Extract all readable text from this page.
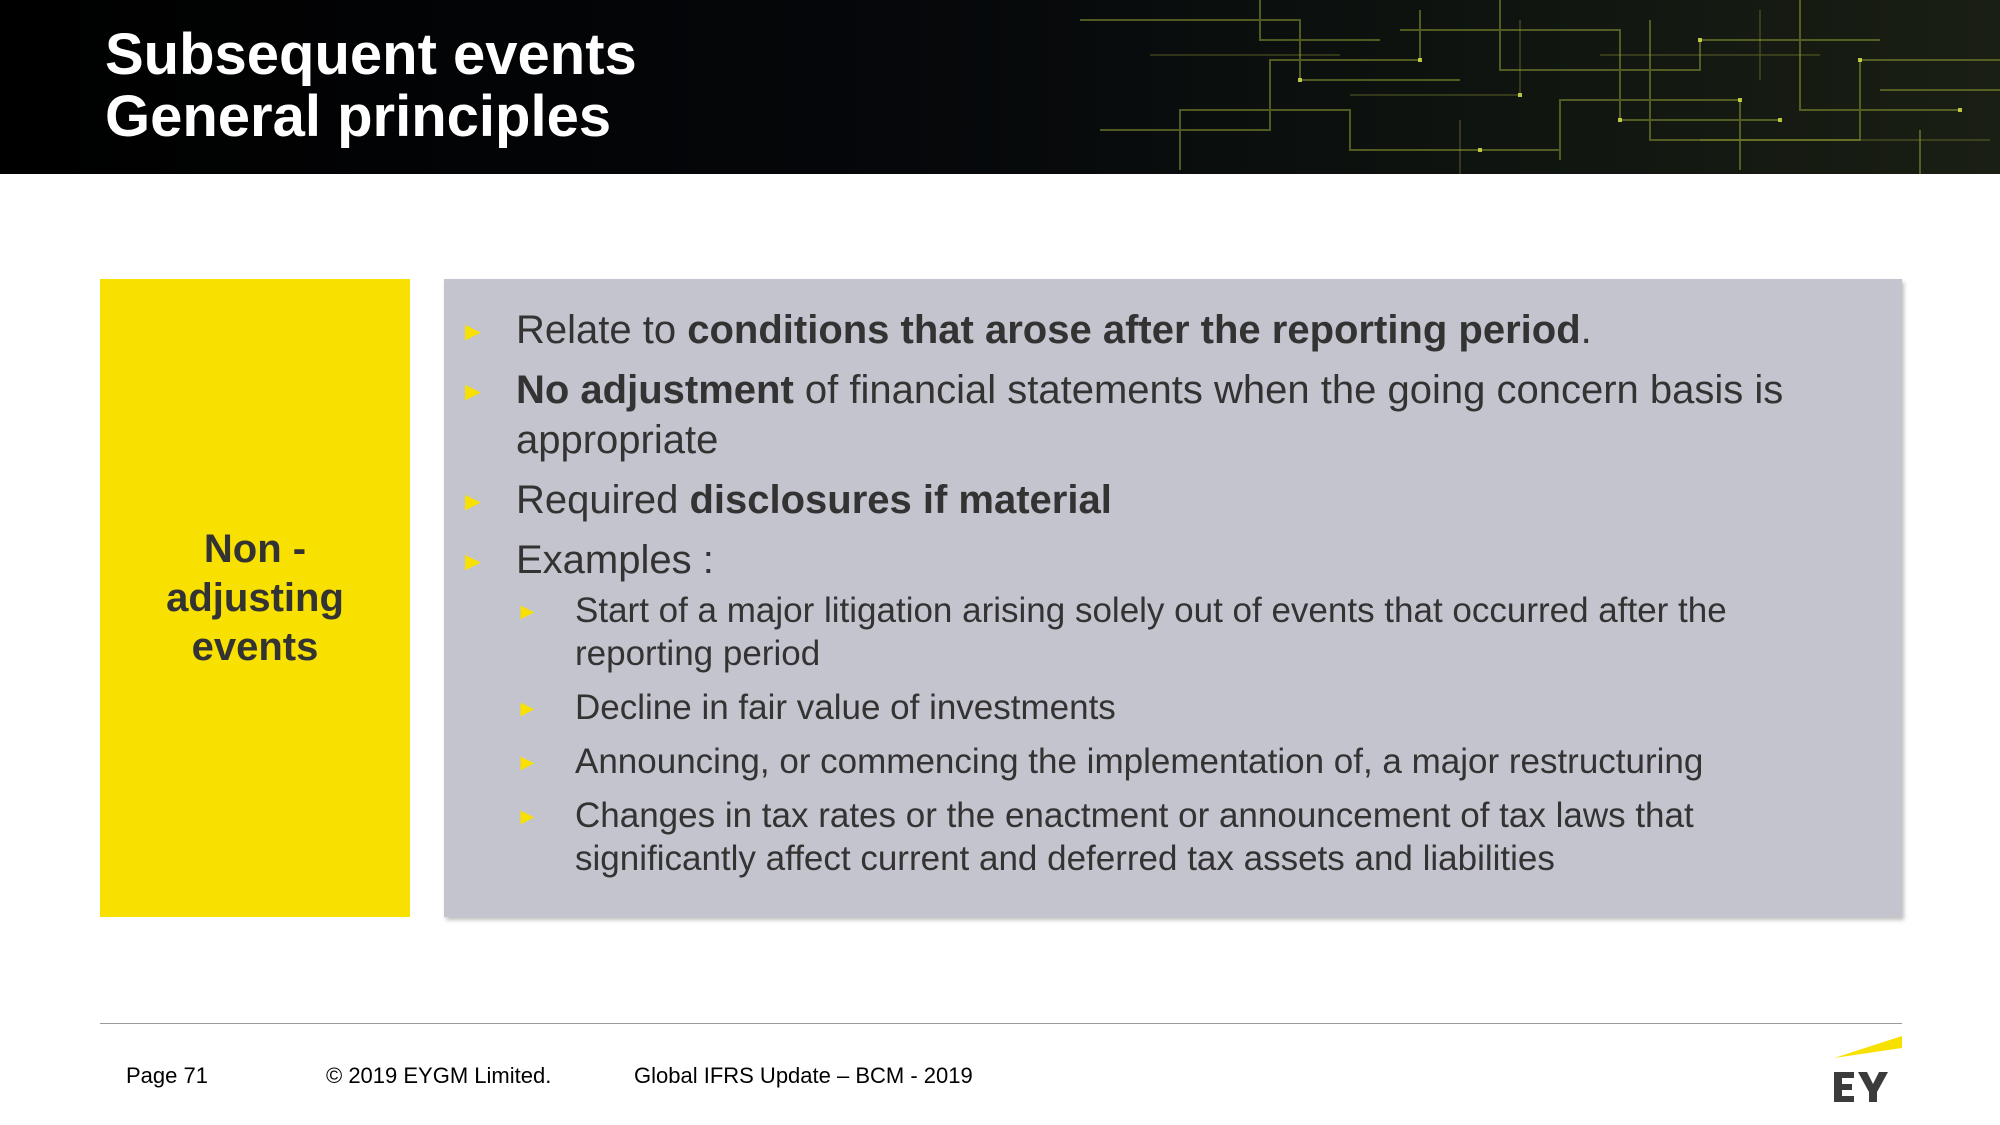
Subsequent events
General principles
Non - adjusting events
► Relate to conditions that arose after the reporting period.
► No adjustment of financial statements when the going concern basis is appropriate
► Required disclosures if material
► Examples :
► Start of a major litigation arising solely out of events that occurred after the reporting period
► Decline in fair value of investments
► Announcing, or commencing the implementation of, a major restructuring
► Changes in tax rates or the enactment or announcement of tax laws that significantly affect current and deferred tax assets and liabilities
Page 71	© 2019 EYGM Limited.	Global IFRS Update – BCM - 2019
